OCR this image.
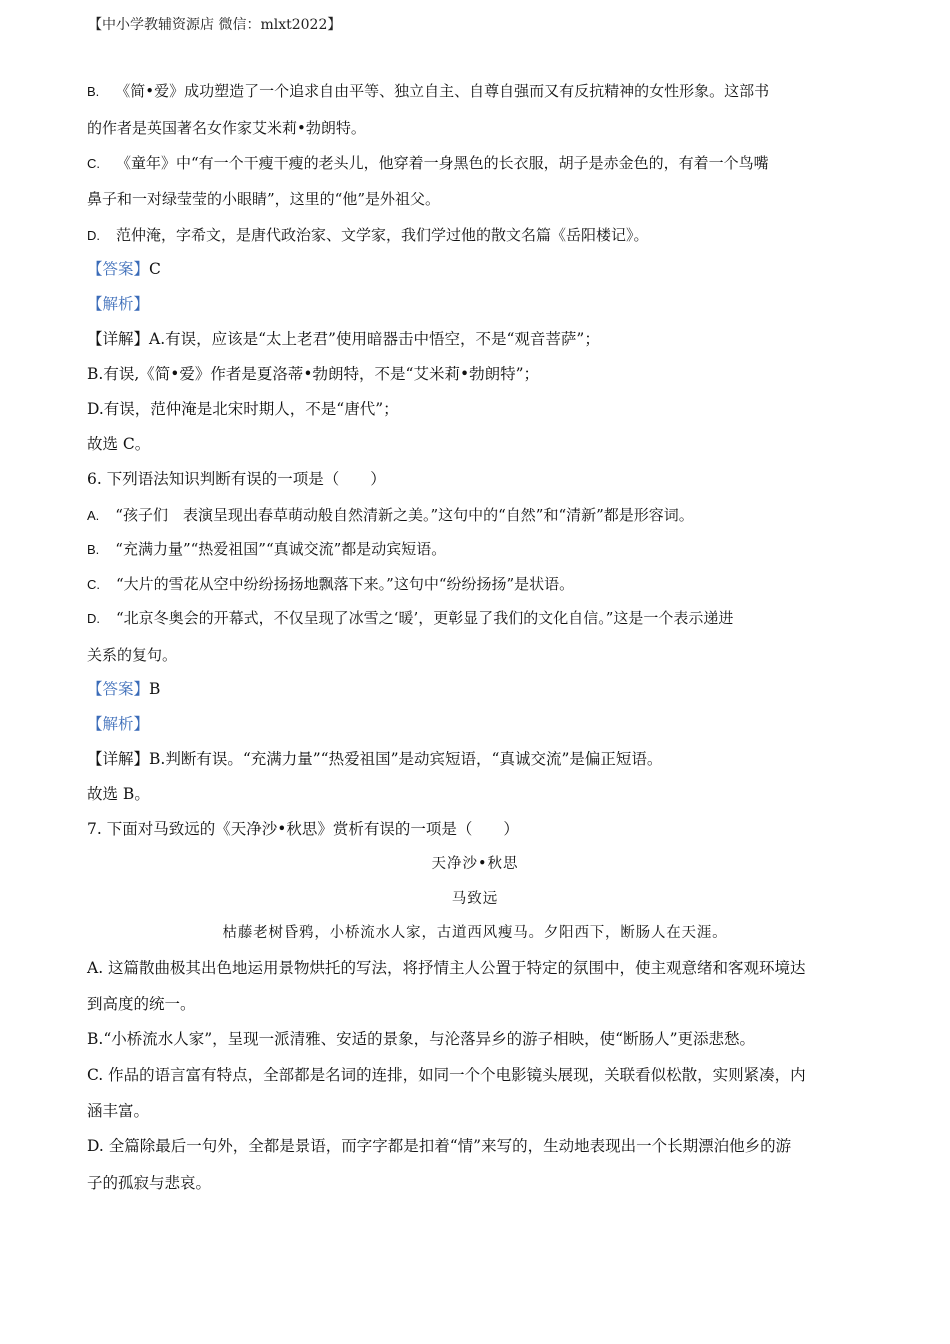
【中小学教辅资源店 微信：mlxt2022】
B. 《简•爱》成功塑造了一个追求自由平等、独立自主、自尊自强而又有反抗精神的女性形象。这部书
的作者是英国著名女作家艾米莉•勃朗特。
C. 《童年》中“有一个干瘦干瘦的老头儿，他穿着一身黑色的长衣服，胡子是赤金色的，有着一个鸟嘴
鼻子和一对绿莹莹的小眼睛”，这里的“他”是外祖父。
D. 范仲淹，字希文，是唐代政治家、文学家，我们学过他的散文名篇《岳阳楼记》。
【答案】C
【解析】
【详解】A.有误，应该是“太上老君”使用暗器击中悟空，不是“观音菩萨”；
B.有误,《简•爱》作者是夏洛蒂•勃朗特，不是“艾米莉•勃朗特”；
D.有误，范仲淹是北宋时期人，不是“唐代”；
故选 C。
6. 下列语法知识判断有误的一项是（　　）
A. “孩子们　表演呈现出春草萌动般自然清新之美。”这句中的“自然”和“清新”都是形容词。
B. “充满力量”“热爱祖国”“真诚交流”都是动宾短语。
C. “大片的雪花从空中纷纷扬扬地飘落下来。”这句中“纷纷扬扬”是状语。
D. “北京冬奥会的开幕式，不仅呈现了冰雪之‘暖’，更彰显了我们的文化自信。”这是一个表示递进
关系的复句。
【答案】B
【解析】
【详解】B.判断有误。“充满力量”“热爱祖国”是动宾短语，“真诚交流”是偏正短语。
故选 B。
7. 下面对马致远的《天净沙•秋思》赏析有误的一项是（　　）
天净沙•秋思
马致远
枯藤老树昏鸦，小桥流水人家，古道西风瘦马。夕阳西下，断肠人在天涯。
A. 这篇散曲极其出色地运用景物烘托的写法，将抒情主人公置于特定的氛围中，使主观意绪和客观环境达
到高度的统一。
B.“小桥流水人家”，呈现一派清雅、安适的景象，与沦落异乡的游子相映，使“断肠人”更添悲愁。
C. 作品的语言富有特点，全部都是名词的连排，如同一个个电影镜头展现，关联看似松散，实则紧凑，内
涵丰富。
D. 全篇除最后一句外，全都是景语，而字字都是扣着“情”来写的，生动地表现出一个长期漂泊他乡的游
子的孤寂与悲哀。
